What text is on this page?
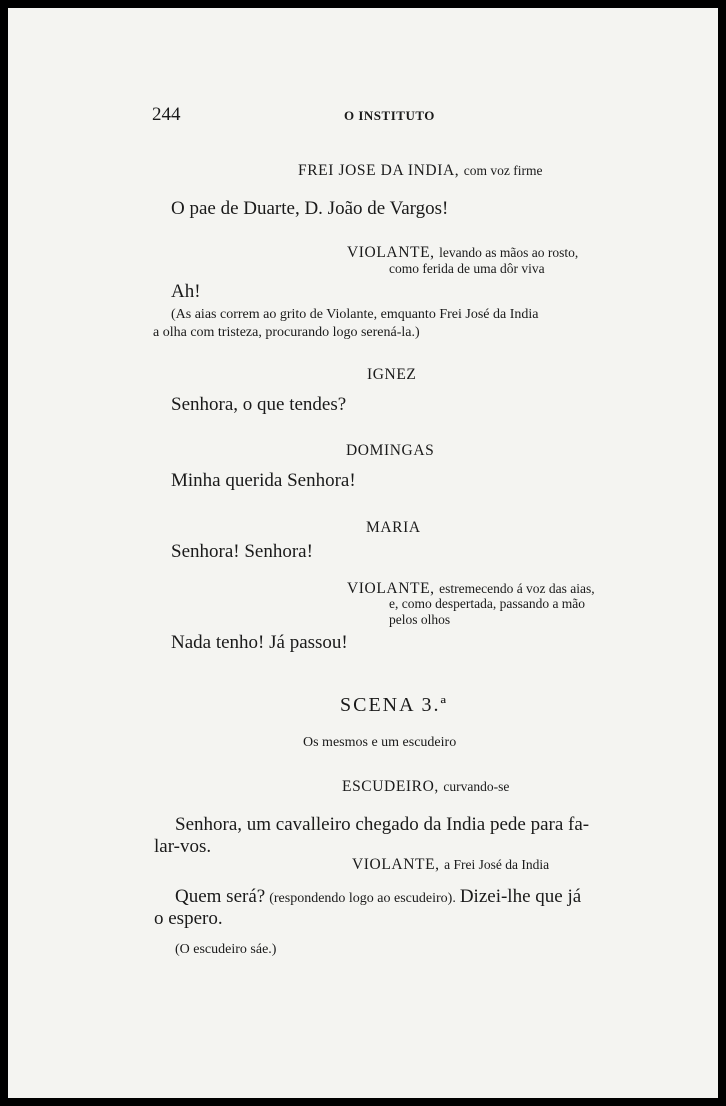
244	O INSTITUTO
FREI JOSE DA INDIA, com voz firme
O pae de Duarte, D. João de Vargos!
VIOLANTE, levando as mãos ao rosto,
como ferida de uma dôr viva
Ah!
(As aias correm ao grito de Violante, emquanto Frei José da India
a olha com tristeza, procurando logo serená-la.)
IGNEZ
Senhora, o que tendes?
DOMINGAS
Minha querida Senhora!
MARIA
Senhora! Senhora!
VIOLANTE, estremecendo á voz das aias,
e, como despertada, passando a mão
pelos olhos
Nada tenho! Já passou!
SCENA 3.ª
Os mesmos e um escudeiro
ESCUDEIRO, curvando-se
Senhora, um cavalleiro chegado da India pede para fa-
lar-vos.
VIOLANTE, a Frei José da India
Quem será? (respondendo logo ao escudeiro). Dizei-lhe que já
o espero.
(O escudeiro sáe.)
